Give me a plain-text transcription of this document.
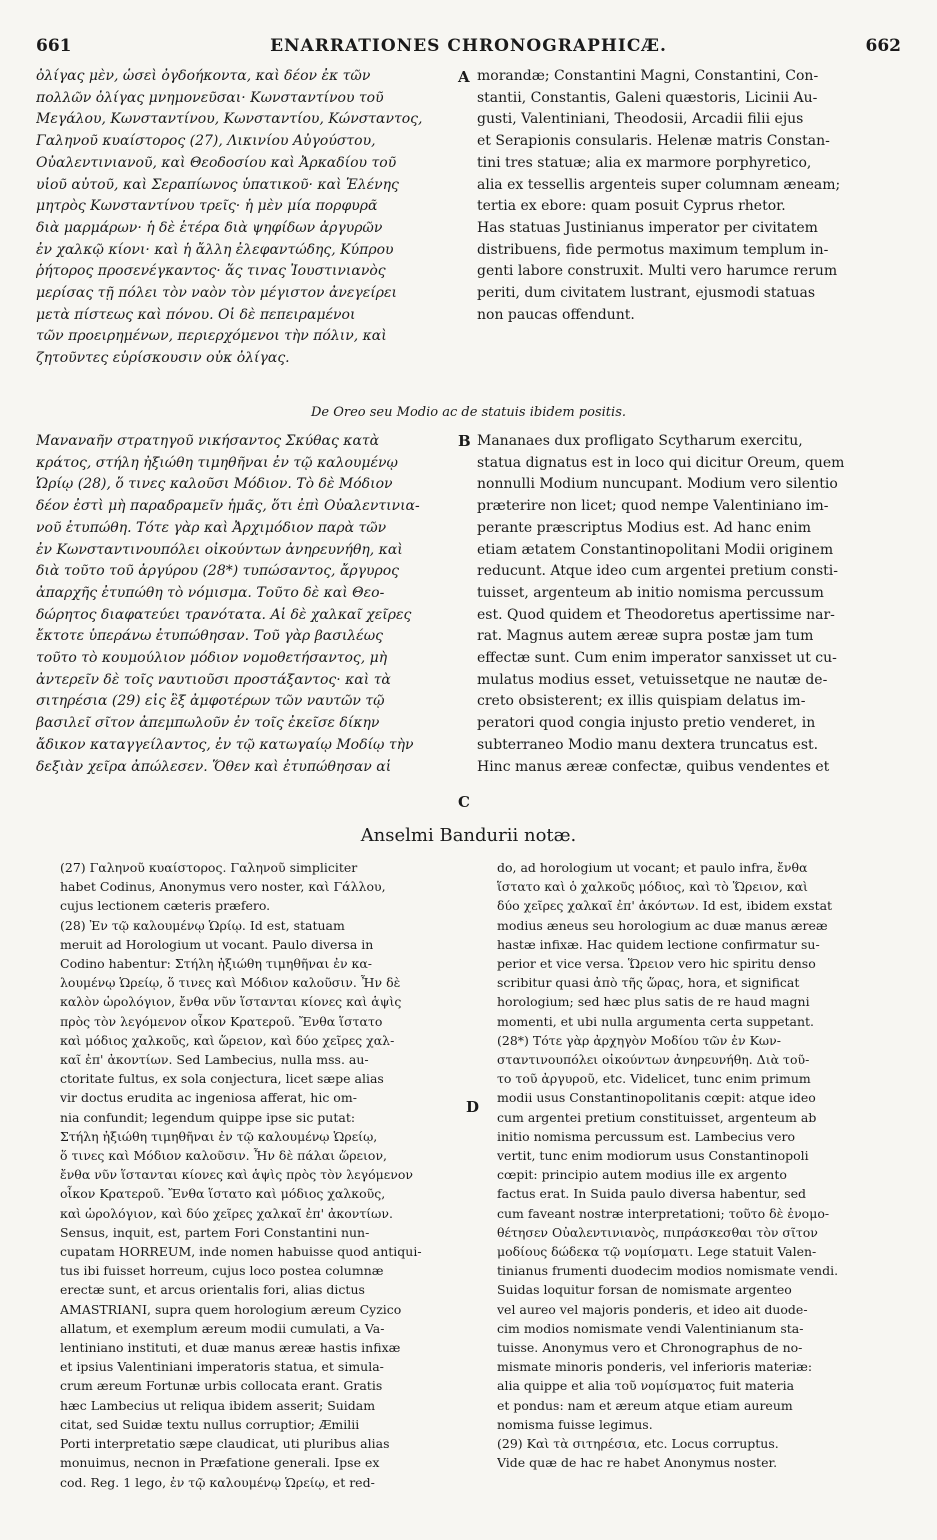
661	ENARRATIONES CHRONOGRAPHICÆ.	662
ὀλίγας μὲν, ὡσεὶ ὀγδοήκοντα, καὶ δέον ἐκ τῶν
πολλῶν ὀλίγας μνημονεῦσαι· Κωνσταντίνου τοῦ
Μεγάλου, Κωνσταντίνου, Κωνσταντίου, Κώνσταντος,
Γαληνοῦ κυαίστορος (27), Λικινίου Αὐγούστου,
Οὐαλεντινιανοῦ, καὶ Θεοδοσίου καὶ Ἀρκαδίου τοῦ
υἱοῦ αὐτοῦ, καὶ Σεραπίωνος ὑπατικοῦ· καὶ Ἑλένης
μητρὸς Κωνσταντίνου τρεῖς· ἡ μὲν μία πορφυρᾶ
διὰ μαρμάρων· ἡ δὲ ἑτέρα διὰ ψηφίδων ἀργυρῶν
ἐν χαλκῷ κίονι· καὶ ἡ ἄλλη ἐλεφαντώδης, Κύπρου
ῥήτορος προσενέγκαντος· ἅς τινας Ἰουστινιανὸς
μερίσας τῇ πόλει τὸν ναὸν τὸν μέγιστον ἀνεγείρει
μετὰ πίστεως καὶ πόνου. Οἱ δὲ πεπειραμένοι
τῶν προειρημένων, περιερχόμενοι τὴν πόλιν, καὶ
ζητοῦντες εὑρίσκουσιν οὐκ ὀλίγας.
A morandæ; Constantini Magni, Constantini, Con-
stantii, Constantis, Galeni quæstoris, Licinii Au-
gusti, Valentiniani, Theodosii, Arcadii filii ejus
et Serapionis consularis. Helenæ matris Constan-
tini tres statuæ; alia ex marmore porphyretico,
alia ex tessellis argenteis super columnam æneam;
tertia ex ebore: quam posuit Cyprus rhetor.
Has statuas Justinianus imperator per civitatem
distribuens, fide permotus maximum templum in-
genti labore construxit. Multi vero harumce rerum
periti, dum civitatem lustrant, ejusmodi statuas
non paucas offendunt.
De Oreo seu Modio ac de statuis ibidem positis.
Μαναναῆν στρατηγοῦ νικήσαντος Σκύθας κατὰ
κράτος, στήλη ἠξιώθη τιμηθῆναι ἐν τῷ καλουμένῳ
Ὡρίῳ (28), ὅ τινες καλοῦσι Μόδιον. Τὸ δὲ Μόδιον
δέον ἐστὶ μὴ παραδραμεῖν ἡμᾶς, ὅτι ἐπὶ Οὐαλεντινια-
νοῦ ἐτυπώθη. Τότε γὰρ καὶ Ἀρχιμόδιον παρὰ τῶν
ἐν Κωνσταντινουπόλει οἰκούντων ἀνηρευνήθη, καὶ
διὰ τοῦτο τοῦ ἀργύρου (28*) τυπώσαντος, ἄργυρος
ἀπαρχῆς ἐτυπώθη τὸ νόμισμα. Τοῦτο δὲ καὶ Θεο-
δώρητος διαφατεύει τρανότατα. Αἱ δὲ χαλκαῖ χεῖρες
ἔκτοτε ὑπεράνω ἐτυπώθησαν. Τοῦ γὰρ βασιλέως
τοῦτο τὸ κουμούλιον μόδιον νομοθετήσαντος, μὴ
ἀντερεῖν δὲ τοῖς ναυτιοῦσι προστάξαντος· καὶ τὰ
σιτηρέσια (29) εἰς ἓξ ἀμφοτέρων τῶν ναυτῶν τῷ
βασιλεῖ σῖτον ἀπεμπωλοῦν ἐν τοῖς ἐκεῖσε δίκην
ἄδικον καταγγείλαντος, ἐν τῷ κατωγαίῳ Μοδίῳ τὴν
δεξιὰν χεῖρα ἀπώλεσεν. Ὅθεν καὶ ἐτυπώθησαν αἱ
B
C
Mananaes dux profligato Scytharum exercitu,
statua dignatus est in loco qui dicitur Oreum, quem
nonnulli Modium nuncupant. Modium vero silentio
præterire non licet; quod nempe Valentiniano im-
perante præscriptus Modius est. Ad hanc enim
etiam ætatem Constantinopolitani Modii originem
reducunt. Atque ideo cum argentei pretium consti-
tuisset, argenteum ab initio nomisma percussum
est. Quod quidem et Theodoretus apertissime nar-
rat. Magnus autem æreæ supra postæ jam tum
effectæ sunt. Cum enim imperator sanxisset ut cu-
mulatus modius esset, vetuissetque ne nautæ de-
creto obsisterent; ex illis quispiam delatus im-
peratori quod congia injusto pretio venderet, in
subterraneo Modio manu dextera truncatus est.
Hinc manus æreæ confectæ, quibus vendentes et
Anselmi Bandurii notæ.
(27) Γαληνοῦ κυαίστορος. Γαληνοῦ simpliciter
habet Codinus, Anonymus vero noster, καὶ Γάλλου,
cujus lectionem cæteris præfero.
(28) Ἐν τῷ καλουμένῳ Ὡρίῳ. Id est, statuam
meruit ad Horologium ut vocant. Paulo diversa in
Codino habentur: Στήλη ἠξιώθη τιμηθῆναι ἐν κα-
λουμένῳ Ὡρείῳ, ὅ τινες καὶ Μόδιον καλοῦσιν. Ἦν δὲ
καλὸν ὡρολόγιον, ἔνθα νῦν ἵστανται κίονες καὶ ἁψὶς
πρὸς τὸν λεγόμενον οἶκον Κρατεροῦ. Ἔνθα ἵστατο
καὶ μόδιος χαλκοῦς, καὶ ὥρειον, καὶ δύο χεῖρες χαλ-
καῖ ἐπ' ἀκοντίων. Sed Lambecius, nulla mss. au-
ctoritate fultus, ex sola conjectura, licet sæpe alias
vir doctus erudita ac ingeniosa afferat, hic om-
nia confundit; legendum quippe ipse sic putat:
Στήλη ἠξιώθη τιμηθῆναι ἐν τῷ καλουμένῳ Ὡρείῳ,
ὅ τινες καὶ Μόδιον καλοῦσιν. Ἦν δὲ πάλαι ὥρειον,
ἔνθα νῦν ἵστανται κίονες καὶ ἁψὶς πρὸς τὸν λεγόμενον
οἶκον Κρατεροῦ. Ἔνθα ἵστατο καὶ μόδιος χαλκοῦς,
καὶ ὡρολόγιον, καὶ δύο χεῖρες χαλκαῖ ἐπ' ἀκοντίων.
Sensus, inquit, est, partem Fori Constantini nun-
cupatam HORREUM, inde nomen habuisse quod antiqui-
tus ibi fuisset horreum, cujus loco postea columnæ
erectæ sunt, et arcus orientalis fori, alias dictus
AMASTRIANI, supra quem horologium æreum Cyzico
allatum, et exemplum æreum modii cumulati, a Va-
lentiniano instituti, et duæ manus æreæ hastis infixæ
et ipsius Valentiniani imperatoris statua, et simula-
crum æreum Fortunæ urbis collocata erant. Gratis
hæc Lambecius ut reliqua ibidem asserit; Suidam
citat, sed Suidæ textu nullus corruptior; Æmilii
Porti interpretatio sæpe claudicat, uti pluribus alias
monuimus, necnon in Præfatione generali. Ipse ex
cod. Reg. 1 lego, ἐν τῷ καλουμένῳ Ὡρείῳ, et red-
D
do, ad horologium ut vocant; et paulo infra, ἔνθα
ἵστατο καὶ ὁ χαλκοῦς μόδιος, καὶ τὸ Ὥρειον, καὶ
δύο χεῖρες χαλκαῖ ἐπ' ἀκόντων. Id est, ibidem exstat
modius æneus seu horologium ac duæ manus æreæ
hastæ infixæ. Hac quidem lectione confirmatur su-
perior et vice versa. Ὥρειον vero hic spiritu denso
scribitur quasi ἀπὸ τῆς ὥρας, hora, et significat
horologium; sed hæc plus satis de re haud magni
momenti, et ubi nulla argumenta certa suppetant.
(28*) Τότε γὰρ ἀρχηγὸν Μοδίου τῶν ἐν Κων-
σταντινουπόλει οἰκούντων ἀνηρευνήθη. Διὰ τοῦ-
το τοῦ ἀργυροῦ, etc. Videlicet, tunc enim primum
modii usus Constantinopolitanis cœpit: atque ideo
cum argentei pretium constituisset, argenteum ab
initio nomisma percussum est. Lambecius vero
vertit, tunc enim modiorum usus Constantinopoli
cœpit: principio autem modius ille ex argento
factus erat. In Suida paulo diversa habentur, sed
cum faveant nostræ interpretationi; τοῦτο δὲ ἐνομο-
θέτησεν Οὐαλεντινιανὸς, πιπράσκεσθαι τὸν σῖτον
μοδίους δώδεκα τῷ νομίσματι. Lege statuit Valen-
tinianus frumenti duodecim modios nomismate vendi.
Suidas loquitur forsan de nomismate argenteo
vel aureo vel majoris ponderis, et ideo ait duode-
cim modios nomismate vendi Valentinianum sta-
tuisse. Anonymus vero et Chronographus de no-
mismate minoris ponderis, vel inferioris materiæ:
alia quippe et alia τοῦ νομίσματος fuit materia
et pondus: nam et æreum atque etiam aureum
nomisma fuisse legimus.
(29) Καὶ τὰ σιτηρέσια, etc. Locus corruptus.
Vide quæ de hac re habet Anonymus noster.
